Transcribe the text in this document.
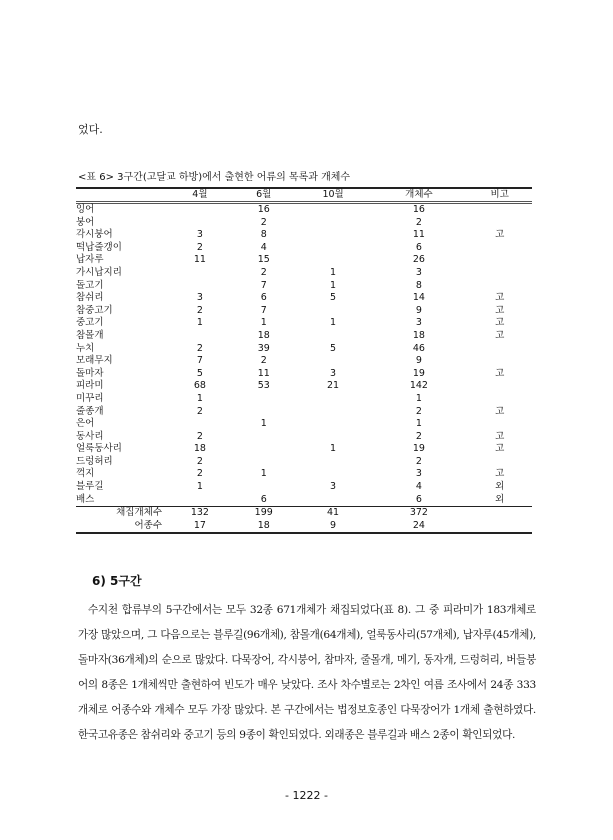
었다.
<표 6> 3구간(고달교 하방)에서 출현한 어류의 목록과 개체수
	4월	6월	10월	개체수	비고
잉어		16		16	
붕어		2		2	
각시붕어	3	8		11	고
떡납줄갱이	2	4		6	
납자루	11	15		26	
가시납지리		2	1	3	
돌고기		7	1	8	
참쉬리	3	6	5	14	고
참중고기	2	7		9	고
중고기	1	1	1	3	고
참몰개		18		18	고
누치	2	39	5	46	
모래무지	7	2		9	
돌마자	5	11	3	19	고
피라미	68	53	21	142	
미꾸리	1			1	
줄종개	2			2	고
은어		1		1	
동사리	2			2	고
얼룩동사리	18		1	19	고
드렁허리	2			2	
꺽지	2	1		3	고
블루길	1		3	4	외
배스		6		6	외
채집개체수	132	199	41	372	
어종수	17	18	9	24	
6) 5구간
수지천 합류부의 5구간에서는 모두 32종 671개체가 채집되었다(표 8). 그 중 피라미가 183개체로 가장 많았으며, 그 다음으로는 블루길(96개체), 참몰개(64개체), 얼룩동사리(57개체), 납자루(45개체), 돌마자(36개체)의 순으로 많았다. 다묵장어, 각시붕어, 참마자, 줄몰개, 메기, 동자개, 드렁허리, 버들붕어의 8종은 1개체씩만 출현하여 빈도가 매우 낮았다. 조사 차수별로는 2차인 여름 조사에서 24종 333개체로 어종수와 개체수 모두 가장 많았다. 본 구간에서는 법정보호종인 다묵장어가 1개체 출현하였다. 한국고유종은 참쉬리와 중고기 등의 9종이 확인되었다. 외래종은 블루길과 배스 2종이 확인되었다.
- 1222 -
